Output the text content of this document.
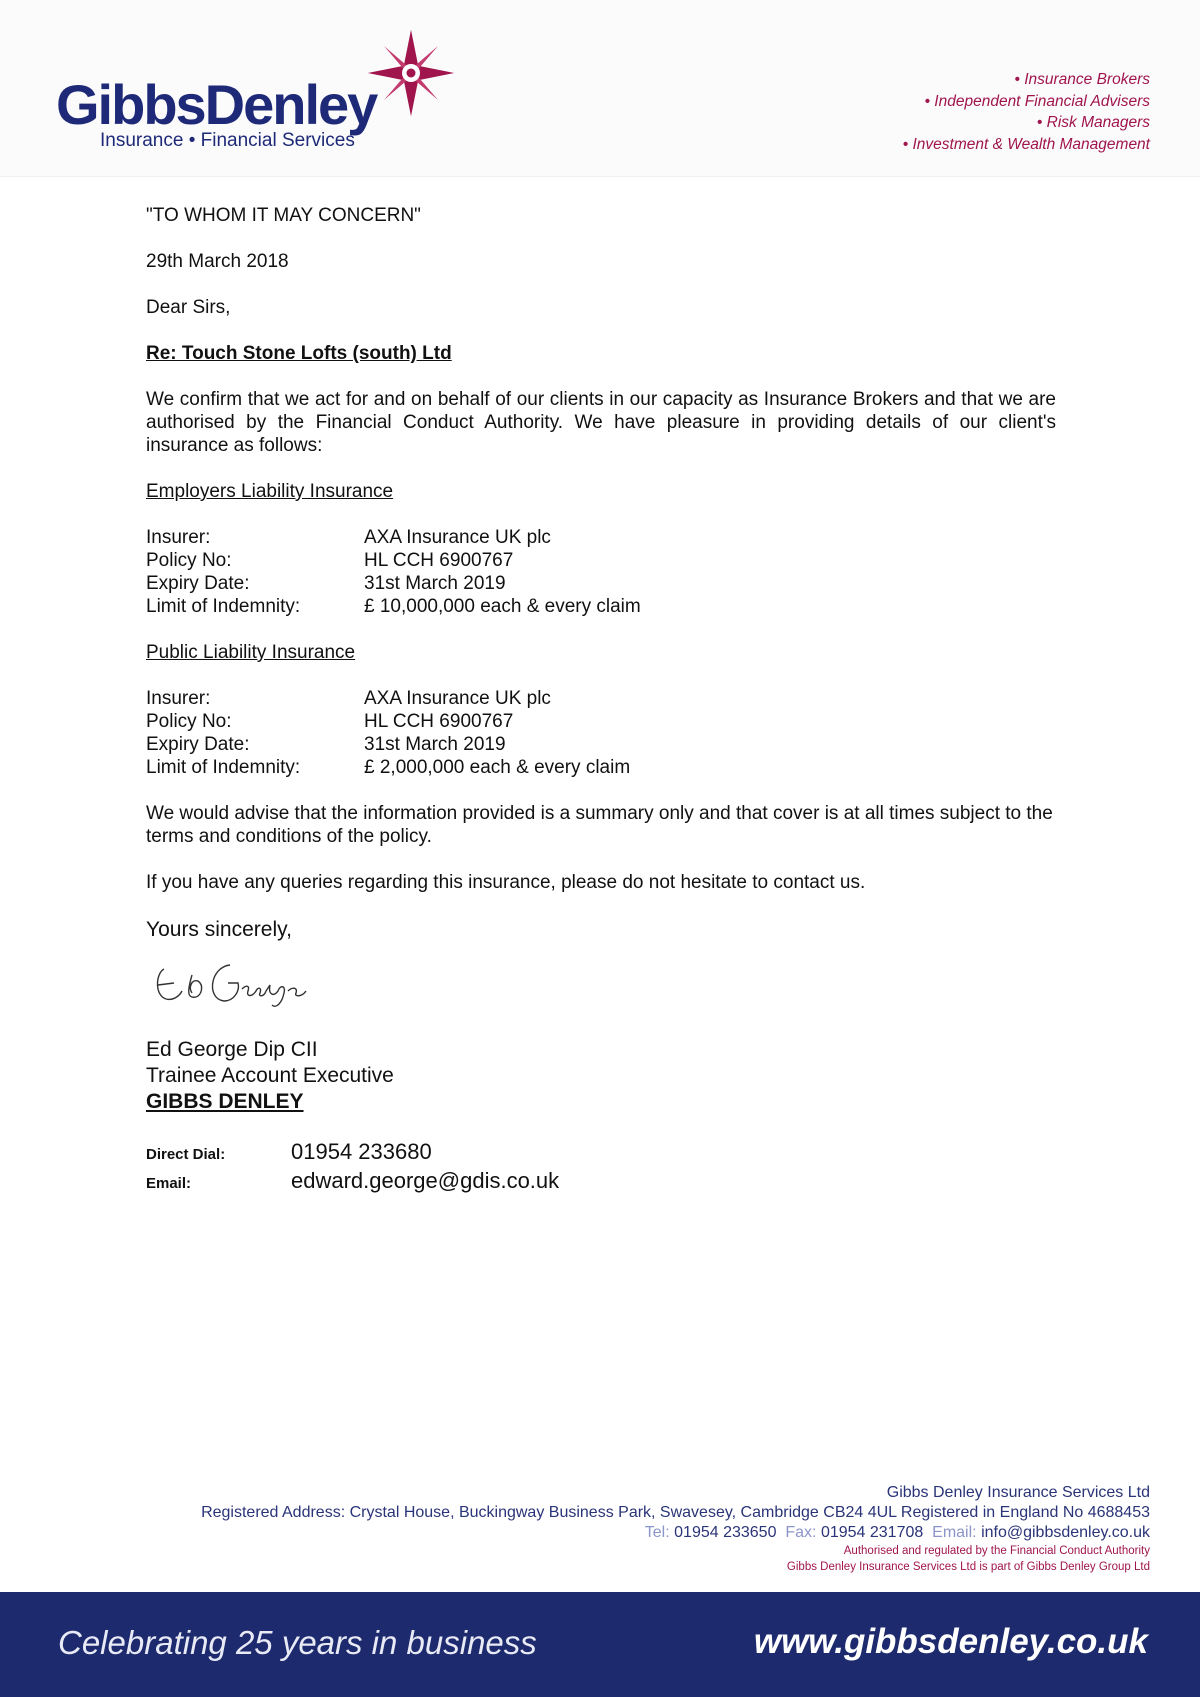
GibbsDenley
Insurance • Financial Services
• Insurance Brokers
• Independent Financial Advisers
• Risk Managers
• Investment & Wealth Management

"TO WHOM IT MAY CONCERN"

29th March 2018

Dear Sirs,

Re: Touch Stone Lofts (south) Ltd

We confirm that we act for and on behalf of our clients in our capacity as Insurance Brokers and that we are authorised by the Financial Conduct Authority. We have pleasure in providing details of our client's insurance as follows:

Employers Liability Insurance

Insurer:	AXA Insurance UK plc
Policy No:	HL CCH 6900767
Expiry Date:	31st March 2019
Limit of Indemnity:	£ 10,000,000 each & every claim

Public Liability Insurance

Insurer:	AXA Insurance UK plc
Policy No:	HL CCH 6900767
Expiry Date:	31st March 2019
Limit of Indemnity:	£ 2,000,000 each & every claim

We would advise that the information provided is a summary only and that cover is at all times subject to the terms and conditions of the policy.

If you have any queries regarding this insurance, please do not hesitate to contact us.

Yours sincerely,

Ed George Dip CII
Trainee Account Executive
GIBBS DENLEY
Direct Dial:	01954 233680
Email:	edward.george@gdis.co.uk
Gibbs Denley Insurance Services Ltd
Registered Address: Crystal House, Buckingway Business Park, Swavesey, Cambridge CB24 4UL Registered in England No 4688453
Tel: 01954 233650 Fax: 01954 231708 Email: info@gibbsdenley.co.uk
Authorised and regulated by the Financial Conduct Authority
Gibbs Denley Insurance Services Ltd is part of Gibbs Denley Group Ltd
Celebrating 25 years in business	www.gibbsdenley.co.uk
